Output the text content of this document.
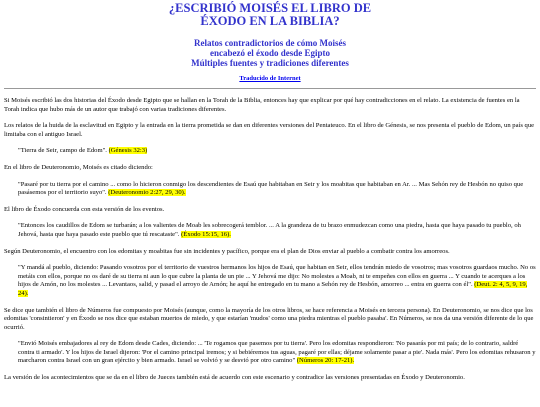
¿ESCRIBIÓ MOISÉS EL LIBRO DE
ÉXODO EN LA BIBLIA?
Relatos contradictorios de cómo Moisés
encabezó el éxodo desde Egipto
Múltiples fuentes y tradiciones diferentes
Traducido de Internet

Si Moisés escribió las dos historias del Éxodo desde Egipto que se hallan en la Torah de la Biblia, entonces hay que explicar por qué hay contradicciones en el relato. La existencia de fuentes en la Torah indica que hubo más de un autor que trabajó con varias tradiciones diferentes.

Los relatos de la huida de la esclavitud en Egipto y la entrada en la tierra prometida se dan en diferentes versiones del Pentateuco. En el libro de Génesis, se nos presenta el pueblo de Edom, un país que limitaba con el antiguo Israel.

"Tierra de Seir, campo de Edom". (Génesis 32:3)

En el libro de Deuteronomio, Moisés es citado diciendo:

"Pasaré por tu tierra por el camino ... como lo hicieron conmigo los descendientes de Esaú que habitaban en Seir y los moabitas que habitaban en Ar. ... Mas Sehón rey de Hesbón no quiso que pasásemos por el territorio suyo". (Deuteronomio 2:27, 29, 30).

El libro de Éxodo concuerda con esta versión de los eventos.

"Entonces los caudillos de Edom se turbarán; a los valientes de Moab les sobrecogerá temblor. ... A la grandeza de tu brazo enmudezcan como una piedra, hasta que haya pasado tu pueblo, oh Jehová, hasta que haya pasado este pueblo que tú rescataste". (Éxodo 15:15, 16).

Según Deuteronomio, el encuentro con los edomitas y moabitas fue sin incidentes y pacífico, porque era el plan de Dios enviar al pueblo a combatir contra los amorreos.

"Y mandá al pueblo, diciendo: Pasando vosotros por el territorio de vuestros hermanos los hijos de Esaú, que habitan en Seir, ellos tendrán miedo de vosotros; mas vosotros guardaos mucho. No os metáis con ellos, porque no os daré de su tierra ni aun lo que cubre la planta de un pie ... Y Jehová me dijo: No molestes a Moab, ni te empeñes con ellos en guerra ... Y cuando te acerques a los hijos de Amón, no los molestes ... Levantaos, salid, y pasad el arroyo de Arnón; he aquí he entregado en tu mano a Sehón rey de Hesbón, amorreo ... entra en guerra con él". (Deut. 2: 4, 5, 9, 19, 24).

Se dice que también el libro de Números fue compuesto por Moisés (aunque, como la mayoría de los otros libros, se hace referencia a Moisés en tercera persona). En Deuteronomio, se nos dice que los edomitas 'consintieron' y en Éxodo se nos dice que estaban muertos de miedo, y que estarían 'mudos' como una piedra mientras el pueblo pasaba'. En Números, se nos da una versión diferente de lo que ocurrió.

"Envió Moisés embajadores al rey de Edom desde Cades, diciendo: ... 'Te rogamos que pasemos por tu tierra'. Pero los edomitas respondieron: 'No pasarás por mi país; de lo contrario, saldré contra ti armado'. Y los hijos de Israel dijeron: 'Por el camino principal iremos; y si bebiéremos tus aguas, pagaré por ellas; déjame solamente pasar a pie'. Nada más'. Pero los edomitas rehusaron y marcharon contra Israel con un gran ejército y bien armado. Israel se volvió y se desvió por otro camino" (Números 20: 17-21).

La versión de los acontecimientos que se da en el libro de Jueces también está de acuerdo con este escenario y contradice las versiones presentadas en Éxodo y Deuteronomio.
